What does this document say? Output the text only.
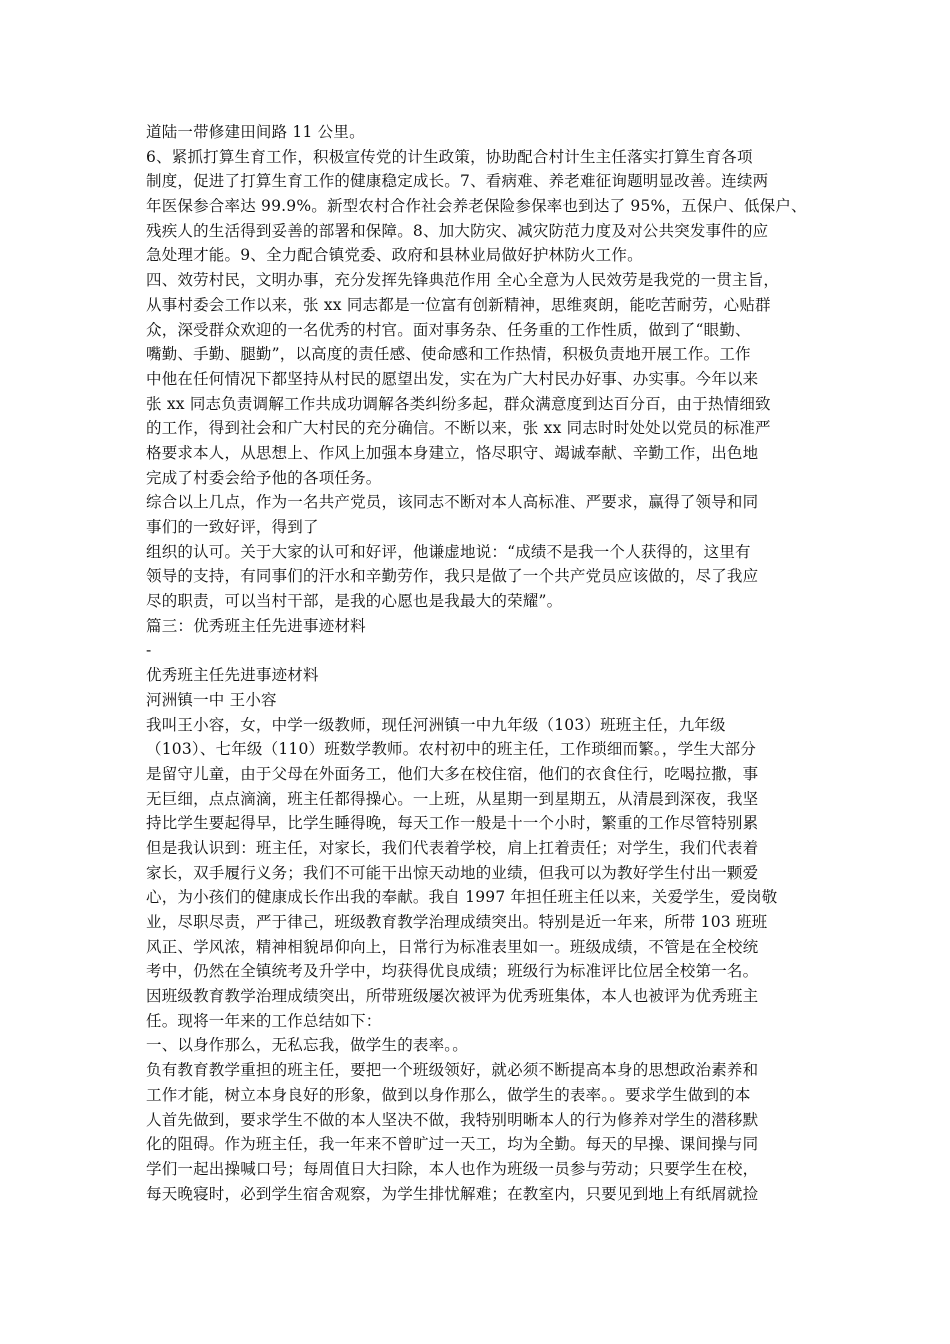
道陆一带修建田间路 11 公里。
6、紧抓打算生育工作，积极宣传党的计生政策，协助配合村计生主任落实打算生育各项
制度，促进了打算生育工作的健康稳定成长。7、看病难、养老难征询题明显改善。连续两
年医保参合率达 99.9%。新型农村合作社会养老保险参保率也到达了 95%，五保户、低保户、
残疾人的生活得到妥善的部署和保障。8、加大防灾、减灾防范力度及对公共突发事件的应
急处理才能。9、全力配合镇党委、政府和县林业局做好护林防火工作。
四、效劳村民，文明办事，充分发挥先锋典范作用 全心全意为人民效劳是我党的一贯主旨，
从事村委会工作以来，张 xx 同志都是一位富有创新精神，思维爽朗，能吃苦耐劳，心贴群
众，深受群众欢迎的一名优秀的村官。面对事务杂、任务重的工作性质，做到了“眼勤、
嘴勤、手勤、腿勤”，以高度的责任感、使命感和工作热情，积极负责地开展工作。工作
中他在任何情况下都坚持从村民的愿望出发，实在为广大村民办好事、办实事。今年以来
张 xx 同志负责调解工作共成功调解各类纠纷多起，群众满意度到达百分百，由于热情细致
的工作，得到社会和广大村民的充分确信。不断以来，张 xx 同志时时处处以党员的标准严
格要求本人，从思想上、作风上加强本身建立，恪尽职守、竭诚奉献、辛勤工作，出色地
完成了村委会给予他的各项任务。
综合以上几点，作为一名共产党员，该同志不断对本人高标准、严要求，赢得了领导和同
事们的一致好评，得到了
组织的认可。关于大家的认可和好评，他谦虚地说：“成绩不是我一个人获得的，这里有
领导的支持，有同事们的汗水和辛勤劳作，我只是做了一个共产党员应该做的，尽了我应
尽的职责，可以当村干部，是我的心愿也是我最大的荣耀”。
篇三：优秀班主任先进事迹材料
-
优秀班主任先进事迹材料
河洲镇一中 王小容
我叫王小容，女，中学一级教师，现任河洲镇一中九年级（103）班班主任，九年级
（103）、七年级（110）班数学教师。农村初中的班主任，工作琐细而繁。，学生大部分
是留守儿童，由于父母在外面务工，他们大多在校住宿，他们的衣食住行，吃喝拉撒，事
无巨细，点点滴滴，班主任都得操心。一上班，从星期一到星期五，从清晨到深夜，我坚
持比学生要起得早，比学生睡得晚，每天工作一般是十一个小时，繁重的工作尽管特别累
但是我认识到：班主任，对家长，我们代表着学校，肩上扛着责任；对学生，我们代表着
家长，双手履行义务；我们不可能干出惊天动地的业绩，但我可以为教好学生付出一颗爱
心，为小孩们的健康成长作出我的奉献。我自 1997 年担任班主任以来，关爱学生，爱岗敬
业，尽职尽责，严于律己，班级教育教学治理成绩突出。特别是近一年来，所带 103 班班
风正、学风浓，精神相貌昂仰向上，日常行为标准表里如一。班级成绩，不管是在全校统
考中，仍然在全镇统考及升学中，均获得优良成绩；班级行为标准评比位居全校第一名。
因班级教育教学治理成绩突出，所带班级屡次被评为优秀班集体，本人也被评为优秀班主
任。现将一年来的工作总结如下：
一、以身作那么，无私忘我，做学生的表率。。
负有教育教学重担的班主任，要把一个班级领好，就必须不断提高本身的思想政治素养和
工作才能，树立本身良好的形象，做到以身作那么，做学生的表率。。要求学生做到的本
人首先做到，要求学生不做的本人坚决不做，我特别明晰本人的行为修养对学生的潜移默
化的阻碍。作为班主任，我一年来不曾旷过一天工，均为全勤。每天的早操、课间操与同
学们一起出操喊口号；每周值日大扫除，本人也作为班级一员参与劳动；只要学生在校，
每天晚寝时，必到学生宿舍观察，为学生排忧解难；在教室内，只要见到地上有纸屑就捡
